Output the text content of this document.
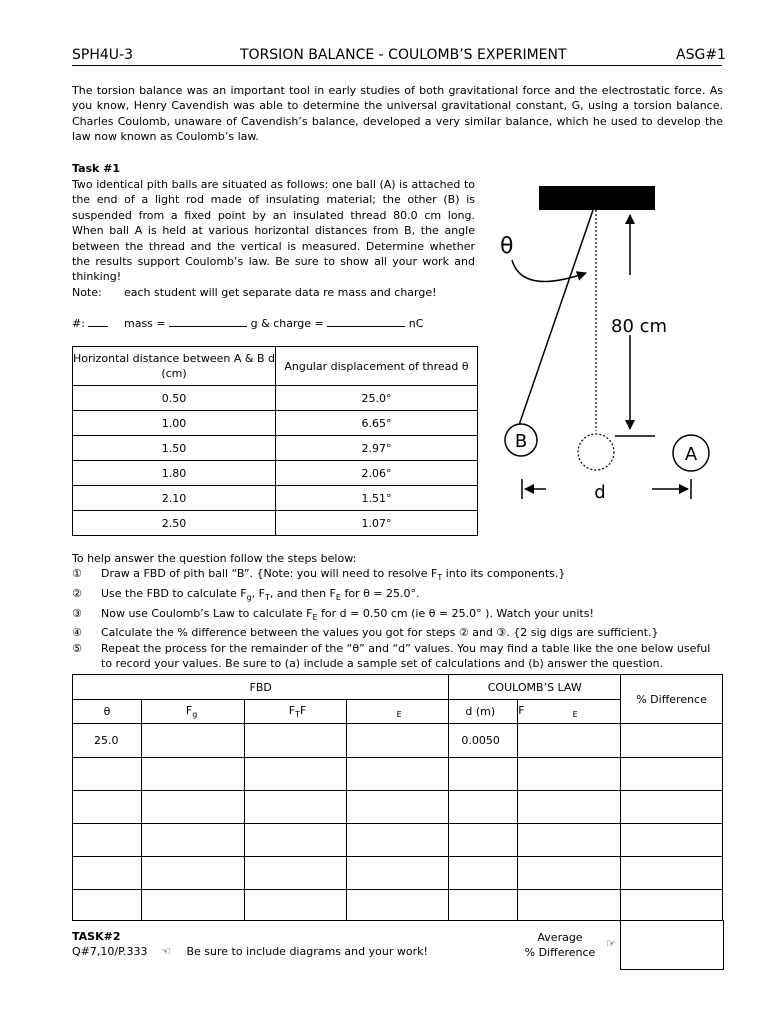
SPH4U-3	TORSION BALANCE - COULOMB’S EXPERIMENT	ASG#1
The torsion balance was an important tool in early studies of both gravitational force and the electrostatic force. As you know, Henry Cavendish was able to determine the universal gravitational constant, G, using a torsion balance. Charles Coulomb, unaware of Cavendish’s balance, developed a very similar balance, which he used to develop the law now known as Coulomb’s law.
Task #1
Two identical pith balls are situated as follows: one ball (A) is attached to the end of a light rod made of insulating material; the other (B) is suspended from a fixed point by an insulated thread 80.0 cm long. When ball A is held at various horizontal distances from B, the angle between the thread and the vertical is measured. Determine whether the results support Coulomb’s law. Be sure to show all your work and thinking!
Note: each student will get separate data re mass and charge!
#:	mass =	g & charge =	nC
Horizontal distance between A & B d (cm)	Angular displacement of thread θ
0.50	25.0°
1.00	6.65°
1.50	2.97°
1.80	2.06°
2.10	1.51°
2.50	1.07°
θ
80 cm
B
A
d
To help answer the question follow the steps below:
① Draw a FBD of pith ball “B”. {Note: you will need to resolve $F_T$ into its components.}
② Use the FBD to calculate $F_g$, $F_T$, and then $F_E$ for θ = 25.0°.
③ Now use Coulomb’s Law to calculate $F_E$ for d = 0.50 cm (ie θ = 25.0° ). Watch your units!
④ Calculate the % difference between the values you got for steps ② and ③. {2 sig digs are sufficient.}
⑤ Repeat the process for the remainder of the “θ” and “d” values. You may find a table like the one below useful to record your values. Be sure to (a) include a sample set of calculations and (b) answer the question.
FBD				COULOMB’S LAW		% Difference
θ	$F_g$	$F_TF$	$_E$	d (m)	F $_E$
25.0				0.0050		

TASK#2
Q#7,10/P.333 ☜ Be sure to include diagrams and your work!
Average
% Difference
☞
